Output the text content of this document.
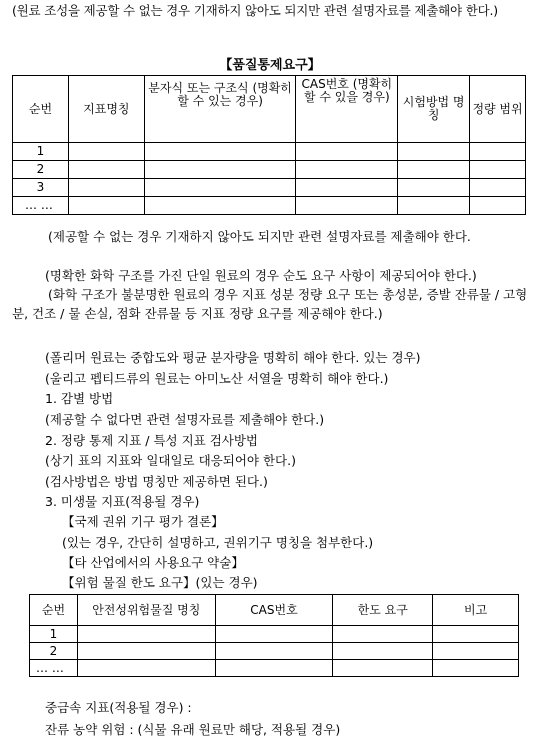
(원료 조성을 제공할 수 없는 경우 기재하지 않아도 되지만 관련 설명자료를 제출해야 한다.)
【품질통제요구】
순번	지표명칭	분자식 또는 구조식 (명확히 할 수 있는 경우)	CAS번호 (명확히 할 수 있을 경우)	시험방법 명칭	정량 범위
1					
2					
3					
… …					
(제공할 수 없는 경우 기재하지 않아도 되지만 관련 설명자료를 제출해야 한다.
(명확한 화학 구조를 가진 단일 원료의 경우 순도 요구 사항이 제공되어야 한다.)
(화학 구조가 불분명한 원료의 경우 지표 성분 정량 요구 또는 총성분, 증발 잔류물 / 고형분, 건조 / 물 손실, 점화 잔류물 등 지표 정량 요구를 제공해야 한다.)
(폴리머 원료는 중합도와 평균 분자량을 명확히 해야 한다. 있는 경우)
(울리고 펩티드류의 원료는 아미노산 서열을 명확히 해야 한다.)
1. 감별 방법
(제공할 수 없다면 관련 설명자료를 제출해야 한다.)
2. 정량 통제 지표 / 특성 지표 검사방법
(상기 표의 지표와 일대일로 대응되어야 한다.)
(검사방법은 방법 명칭만 제공하면 된다.)
3. 미생물 지표(적용될 경우)
【국제 권위 기구 평가 결론】
(있는 경우, 간단히 설명하고, 권위기구 명칭을 첨부한다.)
【타 산업에서의 사용요구 약술】
【위험 물질 한도 요구】(있는 경우)
순번	안전성위험물질 명칭	CAS번호	한도 요구	비고
1				
2				
… …				
중금속 지표(적용될 경우) :
잔류 농약 위험 : (식물 유래 원료만 해당, 적용될 경우)
